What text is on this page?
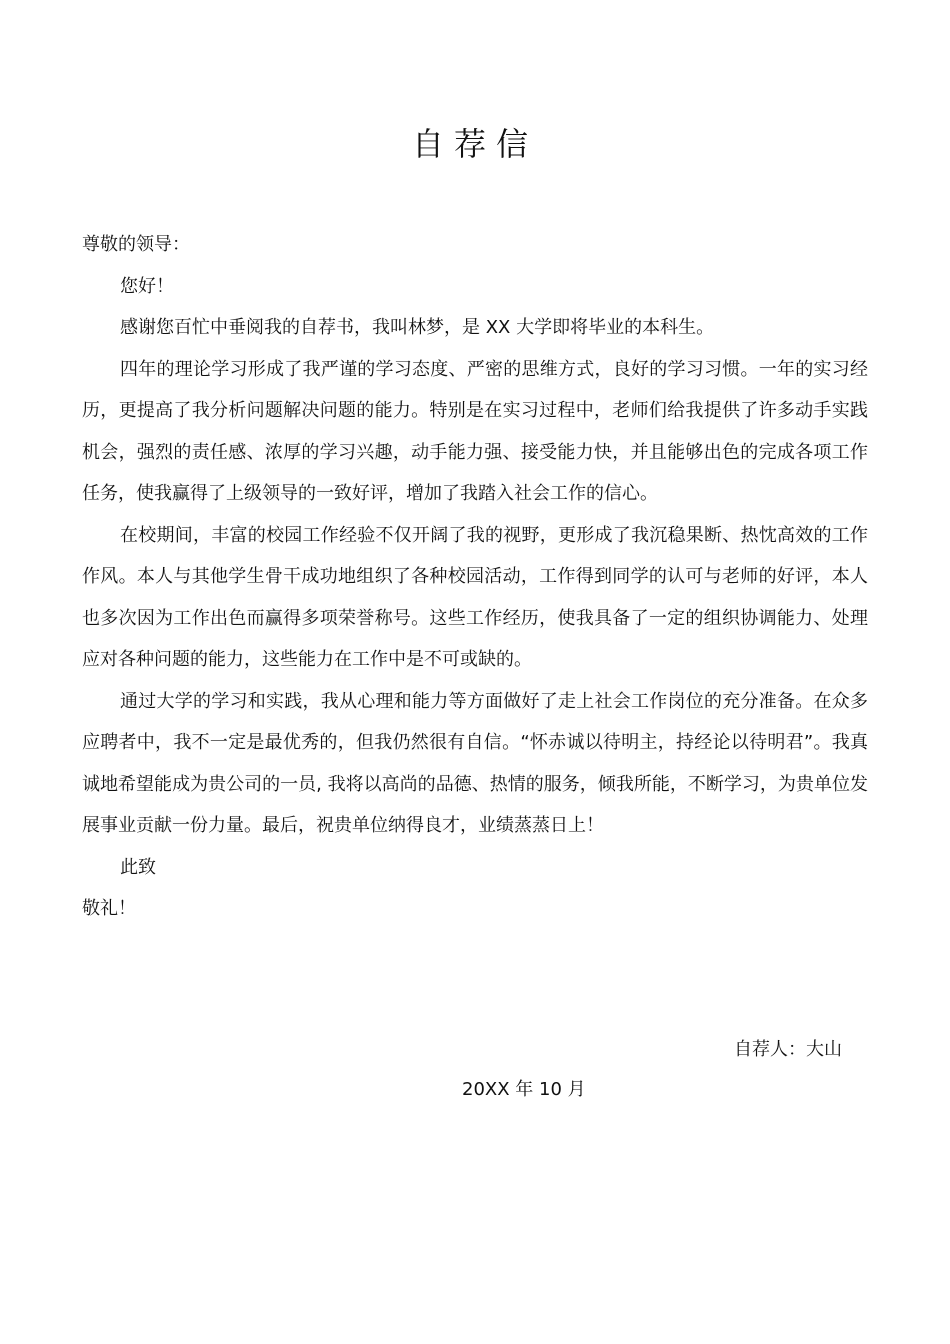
自荐信
尊敬的领导：
您好！
感谢您百忙中垂阅我的自荐书，我叫林梦，是 XX 大学即将毕业的本科生。
四年的理论学习形成了我严谨的学习态度、严密的思维方式，良好的学习习惯。一年的实习经历，更提高了我分析问题解决问题的能力。特别是在实习过程中，老师们给我提供了许多动手实践机会，强烈的责任感、浓厚的学习兴趣，动手能力强、接受能力快，并且能够出色的完成各项工作任务，使我赢得了上级领导的一致好评，增加了我踏入社会工作的信心。
在校期间，丰富的校园工作经验不仅开阔了我的视野，更形成了我沉稳果断、热忱高效的工作作风。本人与其他学生骨干成功地组织了各种校园活动，工作得到同学的认可与老师的好评，本人也多次因为工作出色而赢得多项荣誉称号。这些工作经历，使我具备了一定的组织协调能力、处理应对各种问题的能力，这些能力在工作中是不可或缺的。
通过大学的学习和实践，我从心理和能力等方面做好了走上社会工作岗位的充分准备。在众多应聘者中，我不一定是最优秀的，但我仍然很有自信。“怀赤诚以待明主，持经论以待明君”。我真诚地希望能成为贵公司的一员, 我将以高尚的品德、热情的服务，倾我所能，不断学习，为贵单位发展事业贡献一份力量。最后，祝贵单位纳得良才，业绩蒸蒸日上！
此致
敬礼！
自荐人：大山
20XX 年 10 月
